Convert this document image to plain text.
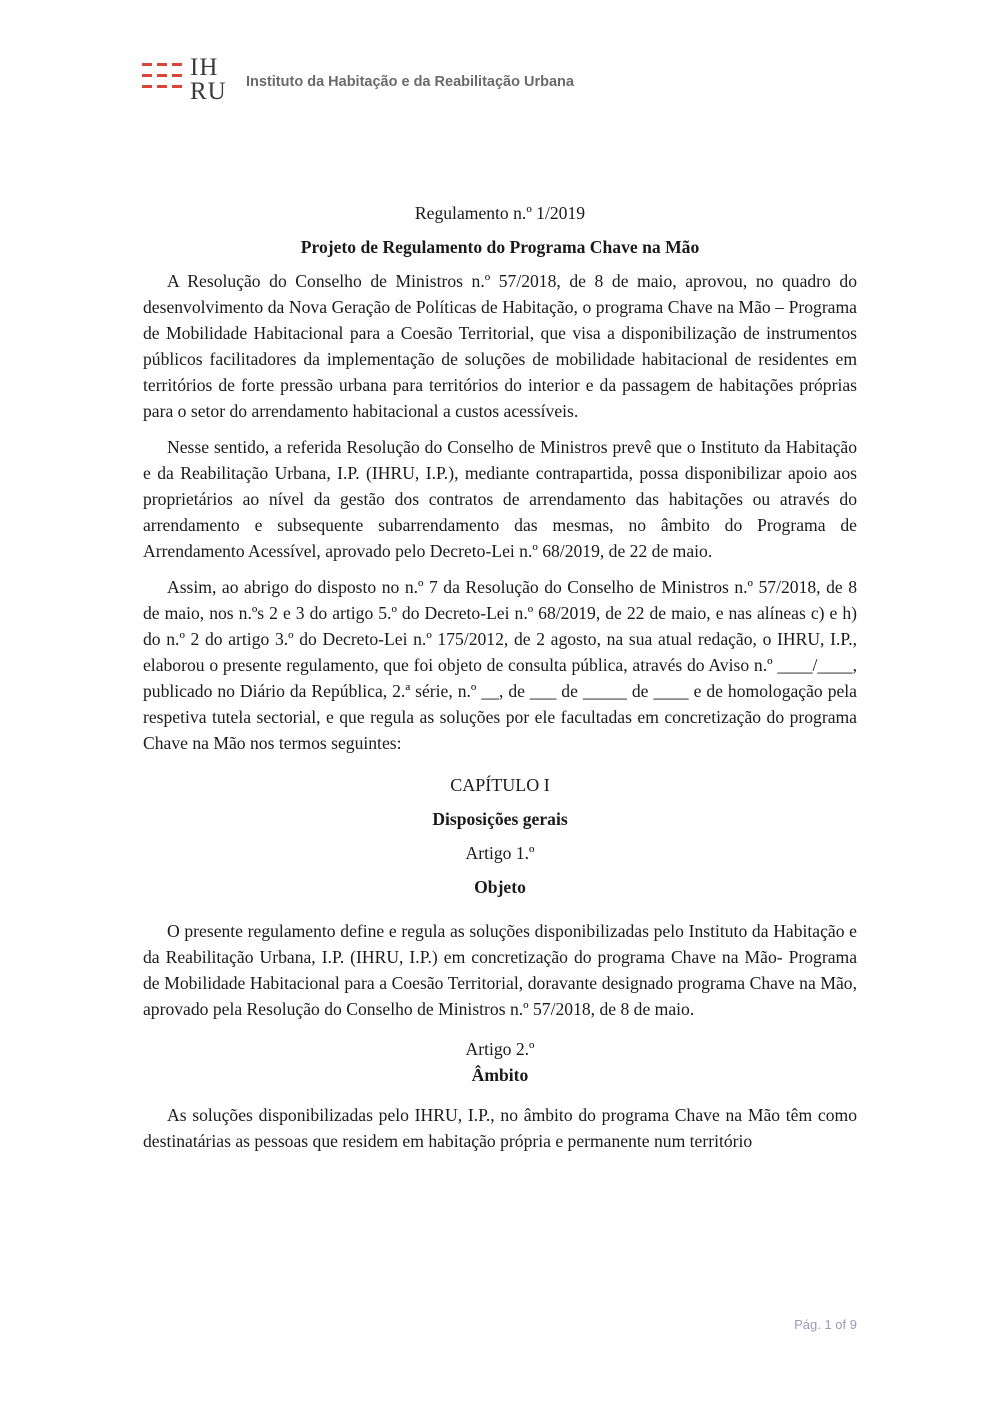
IH
RU	Instituto da Habitação e da Reabilitação Urbana
Regulamento n.º 1/2019
Projeto de Regulamento do Programa Chave na Mão

A Resolução do Conselho de Ministros n.º 57/2018, de 8 de maio, aprovou, no quadro do desenvolvimento da Nova Geração de Políticas de Habitação, o programa Chave na Mão – Programa de Mobilidade Habitacional para a Coesão Territorial, que visa a disponibilização de instrumentos públicos facilitadores da implementação de soluções de mobilidade habitacional de residentes em territórios de forte pressão urbana para territórios do interior e da passagem de habitações próprias para o setor do arrendamento habitacional a custos acessíveis.

Nesse sentido, a referida Resolução do Conselho de Ministros prevê que o Instituto da Habitação e da Reabilitação Urbana, I.P. (IHRU, I.P.), mediante contrapartida, possa disponibilizar apoio aos proprietários ao nível da gestão dos contratos de arrendamento das habitações ou através do arrendamento e subsequente subarrendamento das mesmas, no âmbito do Programa de Arrendamento Acessível, aprovado pelo Decreto-Lei n.º 68/2019, de 22 de maio.

Assim, ao abrigo do disposto no n.º 7 da Resolução do Conselho de Ministros n.º 57/2018, de 8 de maio, nos n.ºs 2 e 3 do artigo 5.º do Decreto-Lei n.º 68/2019, de 22 de maio, e nas alíneas c) e h) do n.º 2 do artigo 3.º do Decreto-Lei n.º 175/2012, de 2 agosto, na sua atual redação, o IHRU, I.P., elaborou o presente regulamento, que foi objeto de consulta pública, através do Aviso n.º ____/____, publicado no Diário da República, 2.ª série, n.º __, de ___ de _____ de ____ e de homologação pela respetiva tutela sectorial, e que regula as soluções por ele facultadas em concretização do programa Chave na Mão nos termos seguintes:

CAPÍTULO I
Disposições gerais
Artigo 1.º
Objeto

O presente regulamento define e regula as soluções disponibilizadas pelo Instituto da Habitação e da Reabilitação Urbana, I.P. (IHRU, I.P.) em concretização do programa Chave na Mão- Programa de Mobilidade Habitacional para a Coesão Territorial, doravante designado programa Chave na Mão, aprovado pela Resolução do Conselho de Ministros n.º 57/2018, de 8 de maio.

Artigo 2.º
Âmbito

As soluções disponibilizadas pelo IHRU, I.P., no âmbito do programa Chave na Mão têm como destinatárias as pessoas que residem em habitação própria e permanente num território

Pág. 1 of 9
